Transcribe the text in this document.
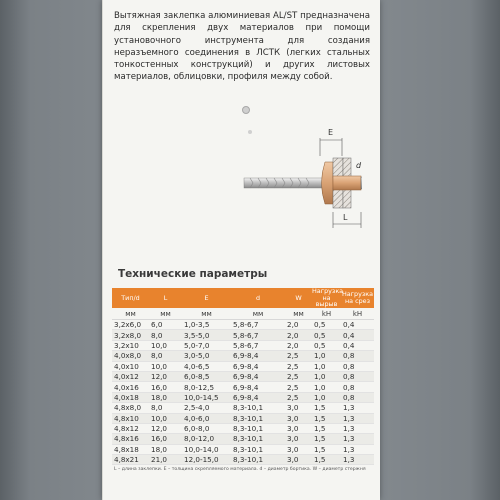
Вытяжная заклепка алюминиевая AL/ST предназначена для скрепления двух материалов при помощи установочного инструмента для создания неразъемного соединения в ЛСТК (легких стальных тонкостенных конструкций) и других листовых материалов, облицовки, профиля между собой.
E
d
L
Технические параметры
Тип/d	L	E	d	W
Нагрузка на вырыв
Нагрузка на срез
мм	мм	мм	мм	мм	kH	kH
3,2х6,0	6,0	1,0-3,5	5,8-6,7	2,0	0,5	0,4
3,2х8,0	8,0	3,5-5,0	5,8-6,7	2,0	0,5	0,4
3,2х10	10,0	5,0-7,0	5,8-6,7	2,0	0,5	0,4
4,0х8,0	8,0	3,0-5,0	6,9-8,4	2,5	1,0	0,8
4,0х10	10,0	4,0-6,5	6,9-8,4	2,5	1,0	0,8
4,0х12	12,0	6,0-8,5	6,9-8,4	2,5	1,0	0,8
4,0х16	16,0	8,0-12,5	6,9-8,4	2,5	1,0	0,8
4,0х18	18,0	10,0-14,5	6,9-8,4	2,5	1,0	0,8
4,8х8,0	8,0	2,5-4,0	8,3-10,1	3,0	1,5	1,3
4,8х10	10,0	4,0-6,0	8,3-10,1	3,0	1,5	1,3
4,8х12	12,0	6,0-8,0	8,3-10,1	3,0	1,5	1,3
4,8х16	16,0	8,0-12,0	8,3-10,1	3,0	1,5	1,3
4,8х18	18,0	10,0-14,0	8,3-10,1	3,0	1,5	1,3
4,8х21	21,0	12,0-15,0	8,3-10,1	3,0	1,5	1,3
L – длина заклепки. E – толщина скрепляемого материала. d – диаметр бортика. W – диаметр стержня
